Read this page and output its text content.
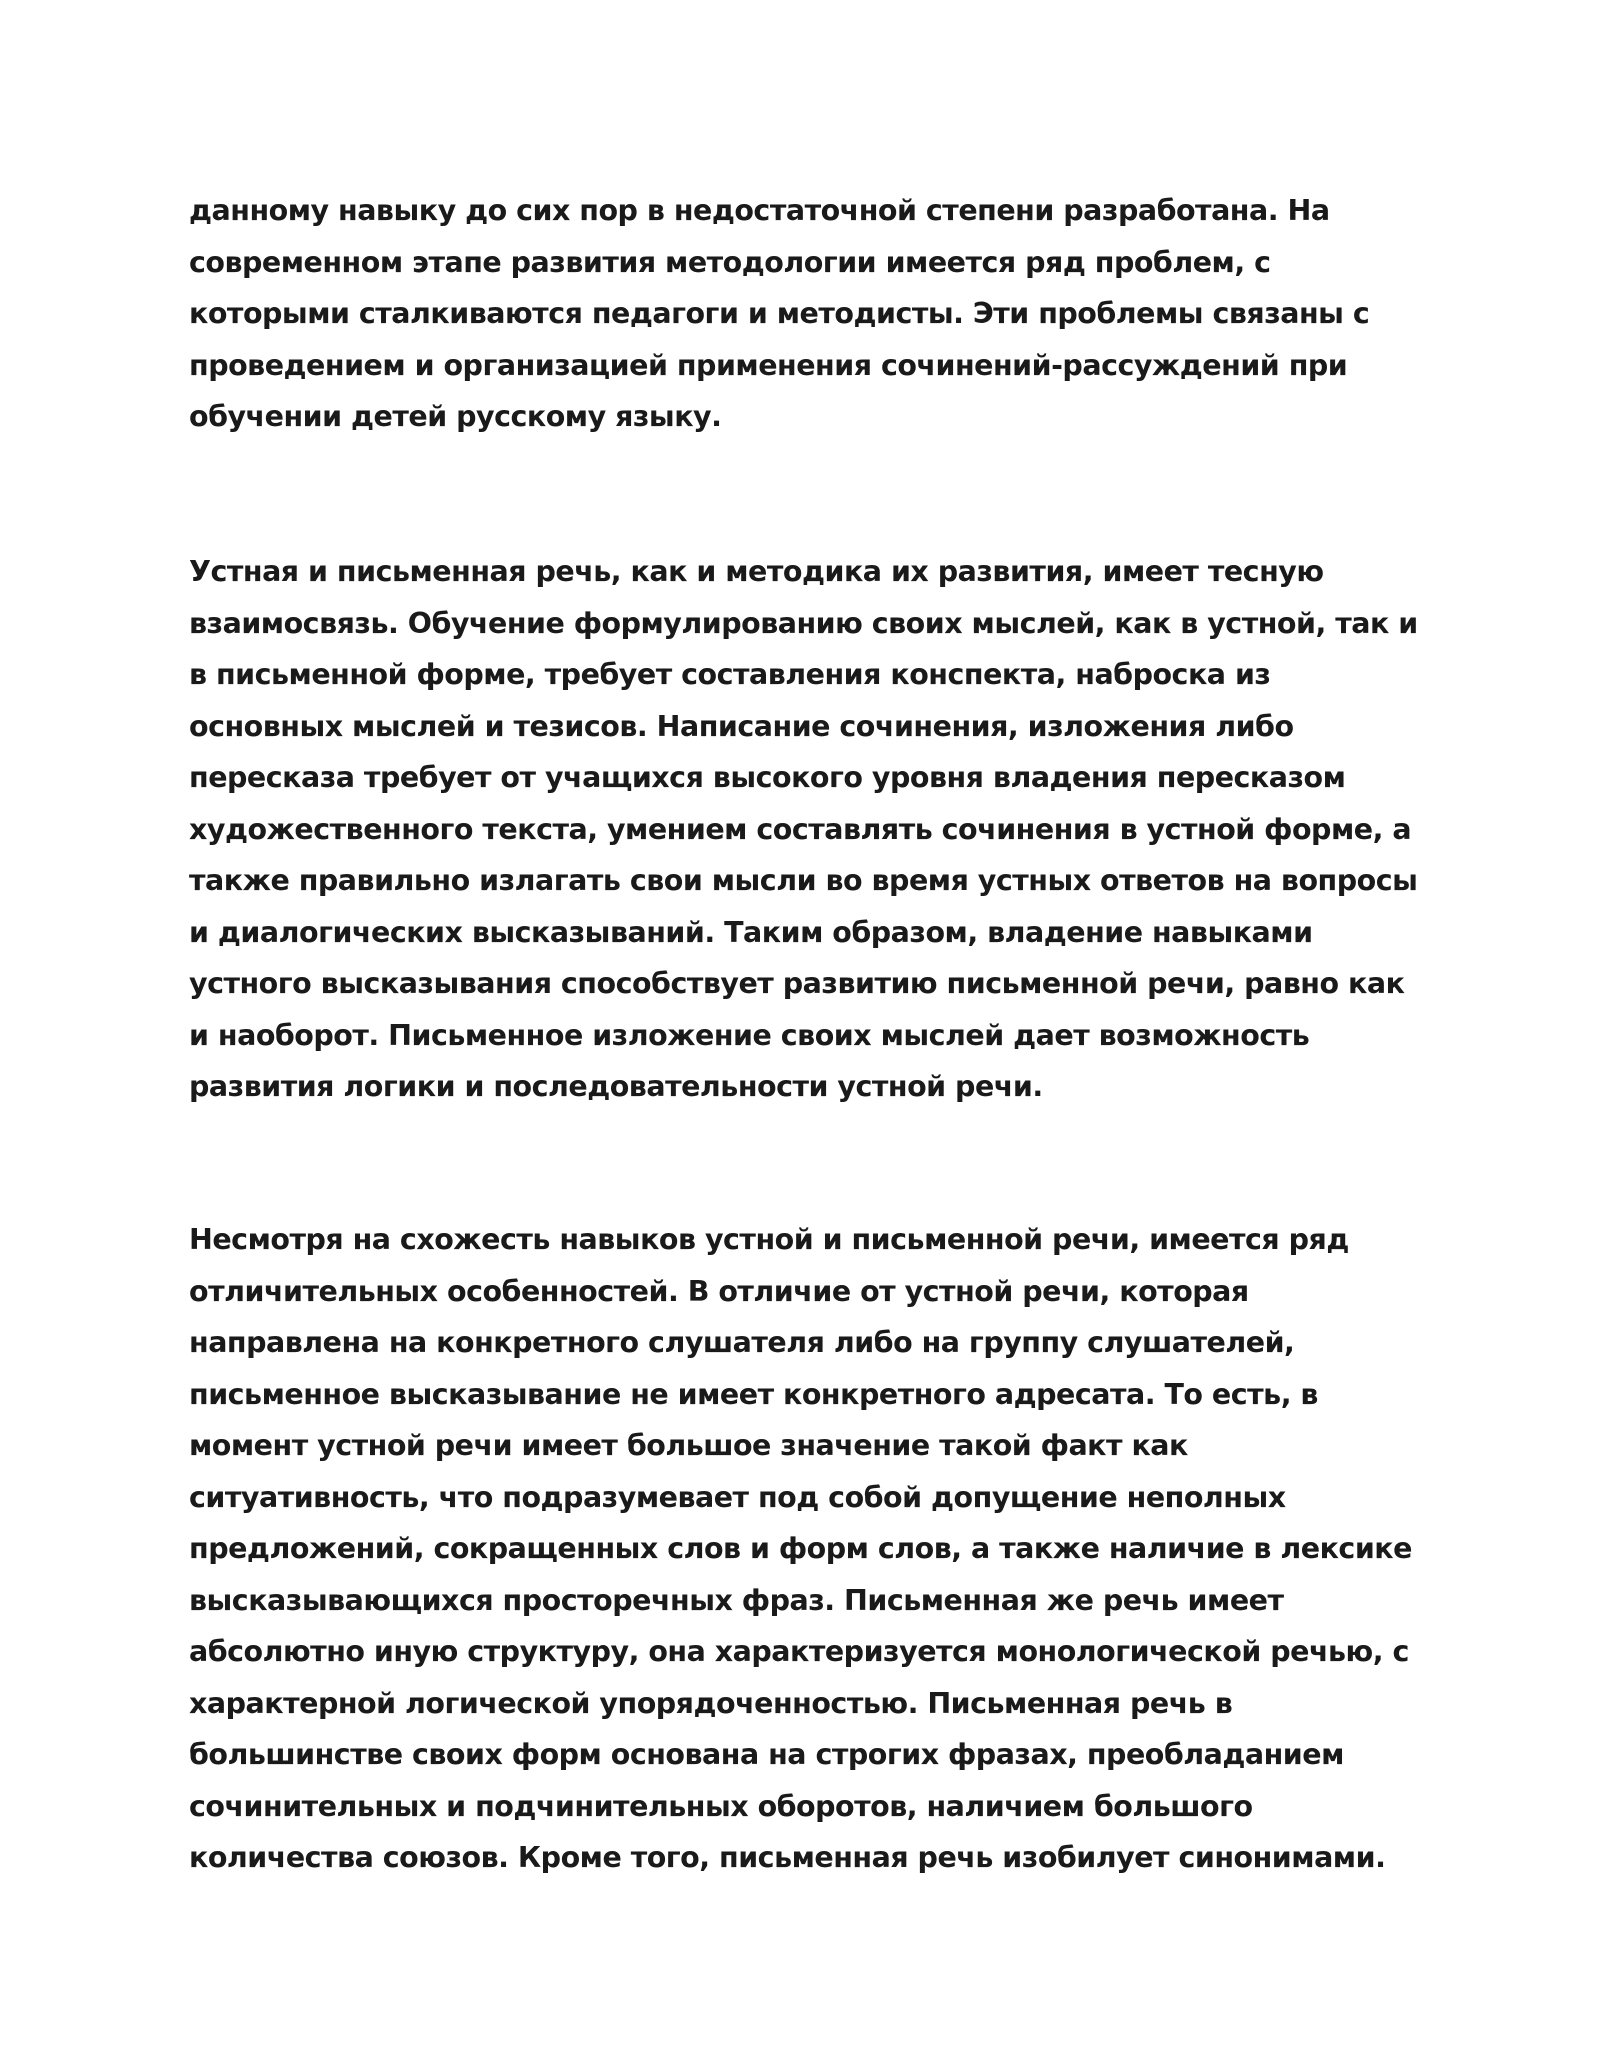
данному навыку до сих пор в недостаточной степени разработана. На
современном этапе развития методологии имеется ряд проблем, с
которыми сталкиваются педагоги и методисты. Эти проблемы связаны с
проведением и организацией применения сочинений-рассуждений при
обучении детей русскому языку.

Устная и письменная речь, как и методика их развития, имеет тесную
взаимосвязь. Обучение формулированию своих мыслей, как в устной, так и
в письменной форме, требует составления конспекта, наброска из
основных мыслей и тезисов. Написание сочинения, изложения либо
пересказа требует от учащихся высокого уровня владения пересказом
художественного текста, умением составлять сочинения в устной форме, а
также правильно излагать свои мысли во время устных ответов на вопросы
и диалогических высказываний. Таким образом, владение навыками
устного высказывания способствует развитию письменной речи, равно как
и наоборот. Письменное изложение своих мыслей дает возможность
развития логики и последовательности устной речи.

Несмотря на схожесть навыков устной и письменной речи, имеется ряд
отличительных особенностей. В отличие от устной речи, которая
направлена на конкретного слушателя либо на группу слушателей,
письменное высказывание не имеет конкретного адресата. То есть, в
момент устной речи имеет большое значение такой факт как
ситуативность, что подразумевает под собой допущение неполных
предложений, сокращенных слов и форм слов, а также наличие в лексике
высказывающихся просторечных фраз. Письменная же речь имеет
абсолютно иную структуру, она характеризуется монологической речью, с
характерной логической упорядоченностью. Письменная речь в
большинстве своих форм основана на строгих фразах, преобладанием
сочинительных и подчинительных оборотов, наличием большого
количества союзов. Кроме того, письменная речь изобилует синонимами.
